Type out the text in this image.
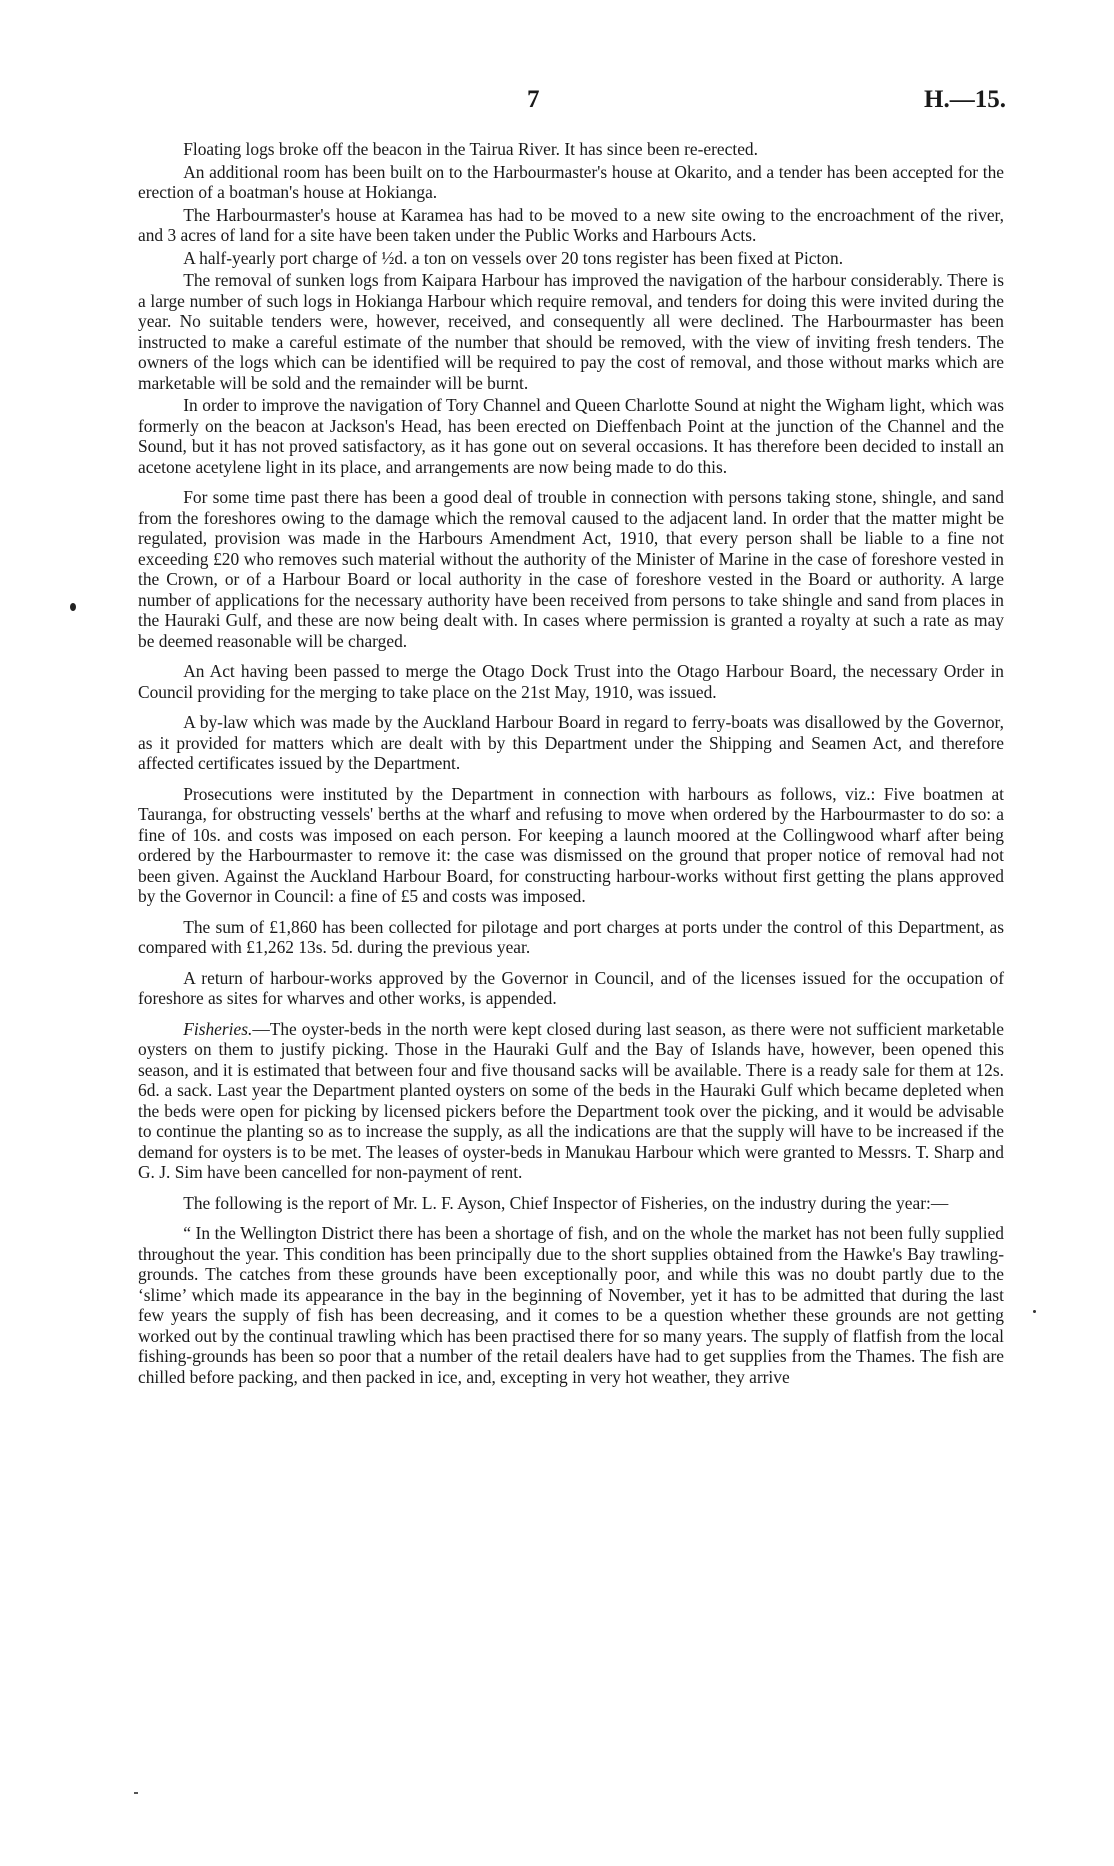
7	H.—15.

Floating logs broke off the beacon in the Tairua River. It has since been re-erected.

An additional room has been built on to the Harbourmaster's house at Okarito, and a tender has been accepted for the erection of a boatman's house at Hokianga.

The Harbourmaster's house at Karamea has had to be moved to a new site owing to the encroachment of the river, and 3 acres of land for a site have been taken under the Public Works and Harbours Acts.

A half-yearly port charge of ½d. a ton on vessels over 20 tons register has been fixed at Picton.

The removal of sunken logs from Kaipara Harbour has improved the navigation of the harbour considerably. There is a large number of such logs in Hokianga Harbour which require removal, and tenders for doing this were invited during the year. No suitable tenders were, however, received, and consequently all were declined. The Harbourmaster has been instructed to make a careful estimate of the number that should be removed, with the view of inviting fresh tenders. The owners of the logs which can be identified will be required to pay the cost of removal, and those without marks which are marketable will be sold and the remainder will be burnt.

In order to improve the navigation of Tory Channel and Queen Charlotte Sound at night the Wigham light, which was formerly on the beacon at Jackson's Head, has been erected on Dieffenbach Point at the junction of the Channel and the Sound, but it has not proved satisfactory, as it has gone out on several occasions. It has therefore been decided to install an acetone acetylene light in its place, and arrangements are now being made to do this.

For some time past there has been a good deal of trouble in connection with persons taking stone, shingle, and sand from the foreshores owing to the damage which the removal caused to the adjacent land. In order that the matter might be regulated, provision was made in the Harbours Amendment Act, 1910, that every person shall be liable to a fine not exceeding £20 who removes such material without the authority of the Minister of Marine in the case of foreshore vested in the Crown, or of a Harbour Board or local authority in the case of foreshore vested in the Board or authority. A large number of applications for the necessary authority have been received from persons to take shingle and sand from places in the Hauraki Gulf, and these are now being dealt with. In cases where permission is granted a royalty at such a rate as may be deemed reasonable will be charged.

An Act having been passed to merge the Otago Dock Trust into the Otago Harbour Board, the necessary Order in Council providing for the merging to take place on the 21st May, 1910, was issued.

A by-law which was made by the Auckland Harbour Board in regard to ferry-boats was disallowed by the Governor, as it provided for matters which are dealt with by this Department under the Shipping and Seamen Act, and therefore affected certificates issued by the Department.

Prosecutions were instituted by the Department in connection with harbours as follows, viz.: Five boatmen at Tauranga, for obstructing vessels' berths at the wharf and refusing to move when ordered by the Harbourmaster to do so: a fine of 10s. and costs was imposed on each person. For keeping a launch moored at the Collingwood wharf after being ordered by the Harbourmaster to remove it: the case was dismissed on the ground that proper notice of removal had not been given. Against the Auckland Harbour Board, for constructing harbour-works without first getting the plans approved by the Governor in Council: a fine of £5 and costs was imposed.

The sum of £1,860 has been collected for pilotage and port charges at ports under the control of this Department, as compared with £1,262 13s. 5d. during the previous year.

A return of harbour-works approved by the Governor in Council, and of the licenses issued for the occupation of foreshore as sites for wharves and other works, is appended.

Fisheries.—The oyster-beds in the north were kept closed during last season, as there were not sufficient marketable oysters on them to justify picking. Those in the Hauraki Gulf and the Bay of Islands have, however, been opened this season, and it is estimated that between four and five thousand sacks will be available. There is a ready sale for them at 12s. 6d. a sack. Last year the Department planted oysters on some of the beds in the Hauraki Gulf which became depleted when the beds were open for picking by licensed pickers before the Department took over the picking, and it would be advisable to continue the planting so as to increase the supply, as all the indications are that the supply will have to be increased if the demand for oysters is to be met. The leases of oyster-beds in Manukau Harbour which were granted to Messrs. T. Sharp and G. J. Sim have been cancelled for non-payment of rent.

The following is the report of Mr. L. F. Ayson, Chief Inspector of Fisheries, on the industry during the year:—

“ In the Wellington District there has been a shortage of fish, and on the whole the market has not been fully supplied throughout the year. This condition has been principally due to the short supplies obtained from the Hawke's Bay trawling-grounds. The catches from these grounds have been exceptionally poor, and while this was no doubt partly due to the ‘slime’ which made its appearance in the bay in the beginning of November, yet it has to be admitted that during the last few years the supply of fish has been decreasing, and it comes to be a question whether these grounds are not getting worked out by the continual trawling which has been practised there for so many years. The supply of flatfish from the local fishing-grounds has been so poor that a number of the retail dealers have had to get supplies from the Thames. The fish are chilled before packing, and then packed in ice, and, excepting in very hot weather, they arrive
